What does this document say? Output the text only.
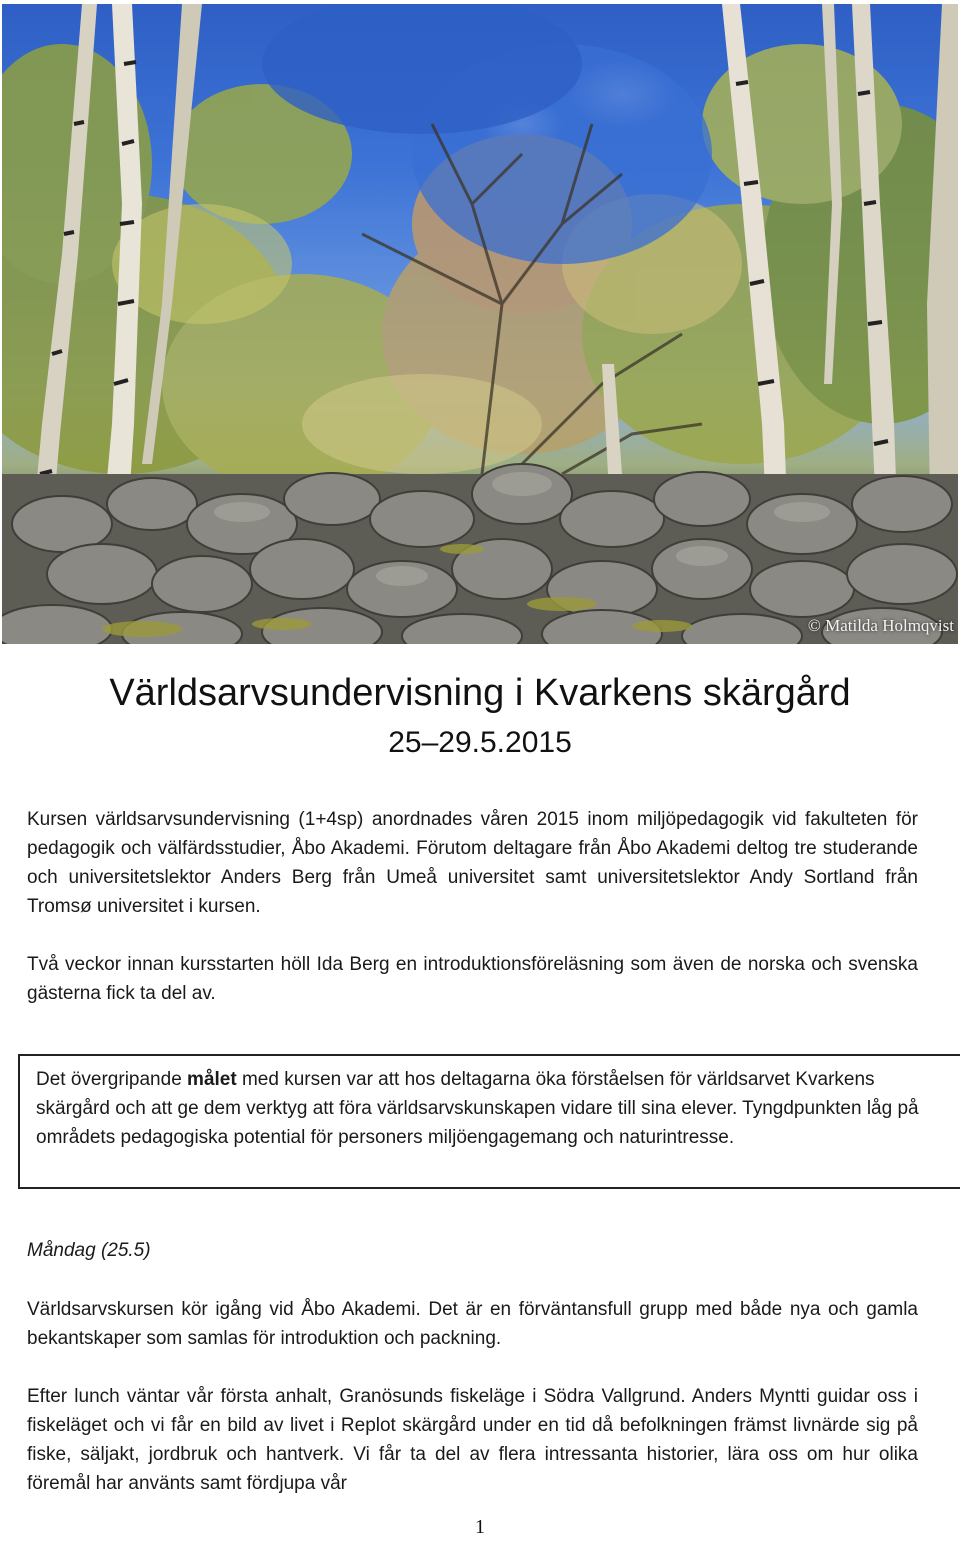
© Matilda Holmqvist
Världsarvsundervisning i Kvarkens skärgård
25–29.5.2015

Kursen världsarvsundervisning (1+4sp) anordnades våren 2015 inom miljöpedagogik vid fakulteten för pedagogik och välfärdsstudier, Åbo Akademi. Förutom deltagare från Åbo Akademi deltog tre studerande och universitetslektor Anders Berg från Umeå universitet samt universitetslektor Andy Sortland från Tromsø universitet i kursen.

Två veckor innan kursstarten höll Ida Berg en introduktionsföreläsning som även de norska och svenska gästerna fick ta del av.

Det övergripande målet med kursen var att hos deltagarna öka förståelsen för världsarvet Kvarkens skärgård och att ge dem verktyg att föra världsarvskunskapen vidare till sina elever. Tyngdpunkten låg på områdets pedagogiska potential för personers miljöengagemang och naturintresse.
Måndag (25.5)

Världsarvskursen kör igång vid Åbo Akademi. Det är en förväntansfull grupp med både nya och gamla bekantskaper som samlas för introduktion och packning.

Efter lunch väntar vår första anhalt, Granösunds fiskeläge i Södra Vallgrund. Anders Myntti guidar oss i fiskeläget och vi får en bild av livet i Replot skärgård under en tid då befolkningen främst livnärde sig på fiske, säljakt, jordbruk och hantverk. Vi får ta del av flera intressanta historier, lära oss om hur olika föremål har använts samt fördjupa vår

1
